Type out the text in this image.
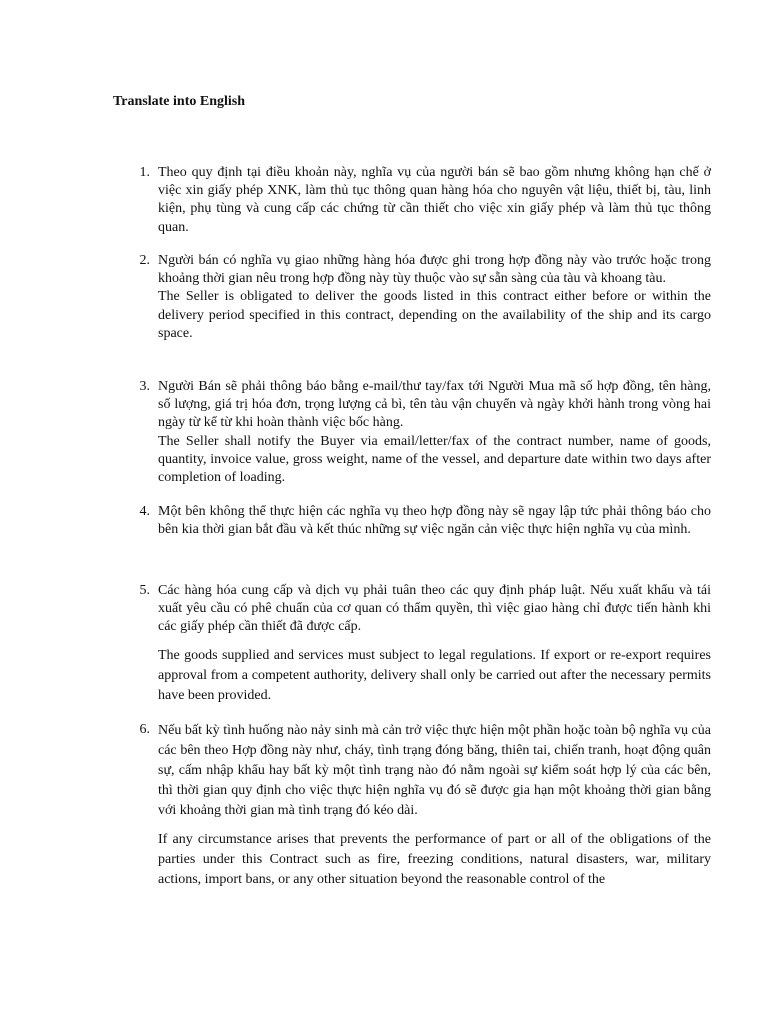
Translate into English
1. Theo quy định tại điều khoản này, nghĩa vụ của người bán sẽ bao gồm nhưng không hạn chế ở việc xin giấy phép XNK, làm thủ tục thông quan hàng hóa cho nguyên vật liệu, thiết bị, tàu, linh kiện, phụ tùng và cung cấp các chứng từ cần thiết cho việc xin giấy phép và làm thủ tục thông quan.

2. Người bán có nghĩa vụ giao những hàng hóa được ghi trong hợp đồng này vào trước hoặc trong khoảng thời gian nêu trong hợp đồng này tùy thuộc vào sự sẵn sàng của tàu và khoang tàu.

The Seller is obligated to deliver the goods listed in this contract either before or within the delivery period specified in this contract, depending on the availability of the ship and its cargo space.

3. Người Bán sẽ phải thông báo bằng e-mail/thư tay/fax tới Người Mua mã số hợp đồng, tên hàng, số lượng, giá trị hóa đơn, trọng lượng cả bì, tên tàu vận chuyển và ngày khởi hành trong vòng hai ngày từ kể từ khi hoàn thành việc bốc hàng.

The Seller shall notify the Buyer via email/letter/fax of the contract number, name of goods, quantity, invoice value, gross weight, name of the vessel, and departure date within two days after completion of loading.

4. Một bên không thể thực hiện các nghĩa vụ theo hợp đồng này sẽ ngay lập tức phải thông báo cho bên kia thời gian bắt đầu và kết thúc những sự việc ngăn cản việc thực hiện nghĩa vụ của mình.

5. Các hàng hóa cung cấp và dịch vụ phải tuân theo các quy định pháp luật. Nếu xuất khẩu và tái xuất yêu cầu có phê chuẩn của cơ quan có thẩm quyền, thì việc giao hàng chỉ được tiến hành khi các giấy phép cần thiết đã được cấp.

The goods supplied and services must subject to legal regulations. If export or re-export requires approval from a competent authority, delivery shall only be carried out after the necessary permits have been provided.

6. Nếu bất kỳ tình huống nào nảy sinh mà cản trở việc thực hiện một phần hoặc toàn bộ nghĩa vụ của các bên theo Hợp đồng này như, cháy, tình trạng đóng băng, thiên tai, chiến tranh, hoạt động quân sự, cấm nhập khẩu hay bất kỳ một tình trạng nào đó nằm ngoài sự kiểm soát hợp lý của các bên, thì thời gian quy định cho việc thực hiện nghĩa vụ đó sẽ được gia hạn một khoảng thời gian bằng với khoảng thời gian mà tình trạng đó kéo dài.

If any circumstance arises that prevents the performance of part or all of the obligations of the parties under this Contract such as fire, freezing conditions, natural disasters, war, military actions, import bans, or any other situation beyond the reasonable control of the
